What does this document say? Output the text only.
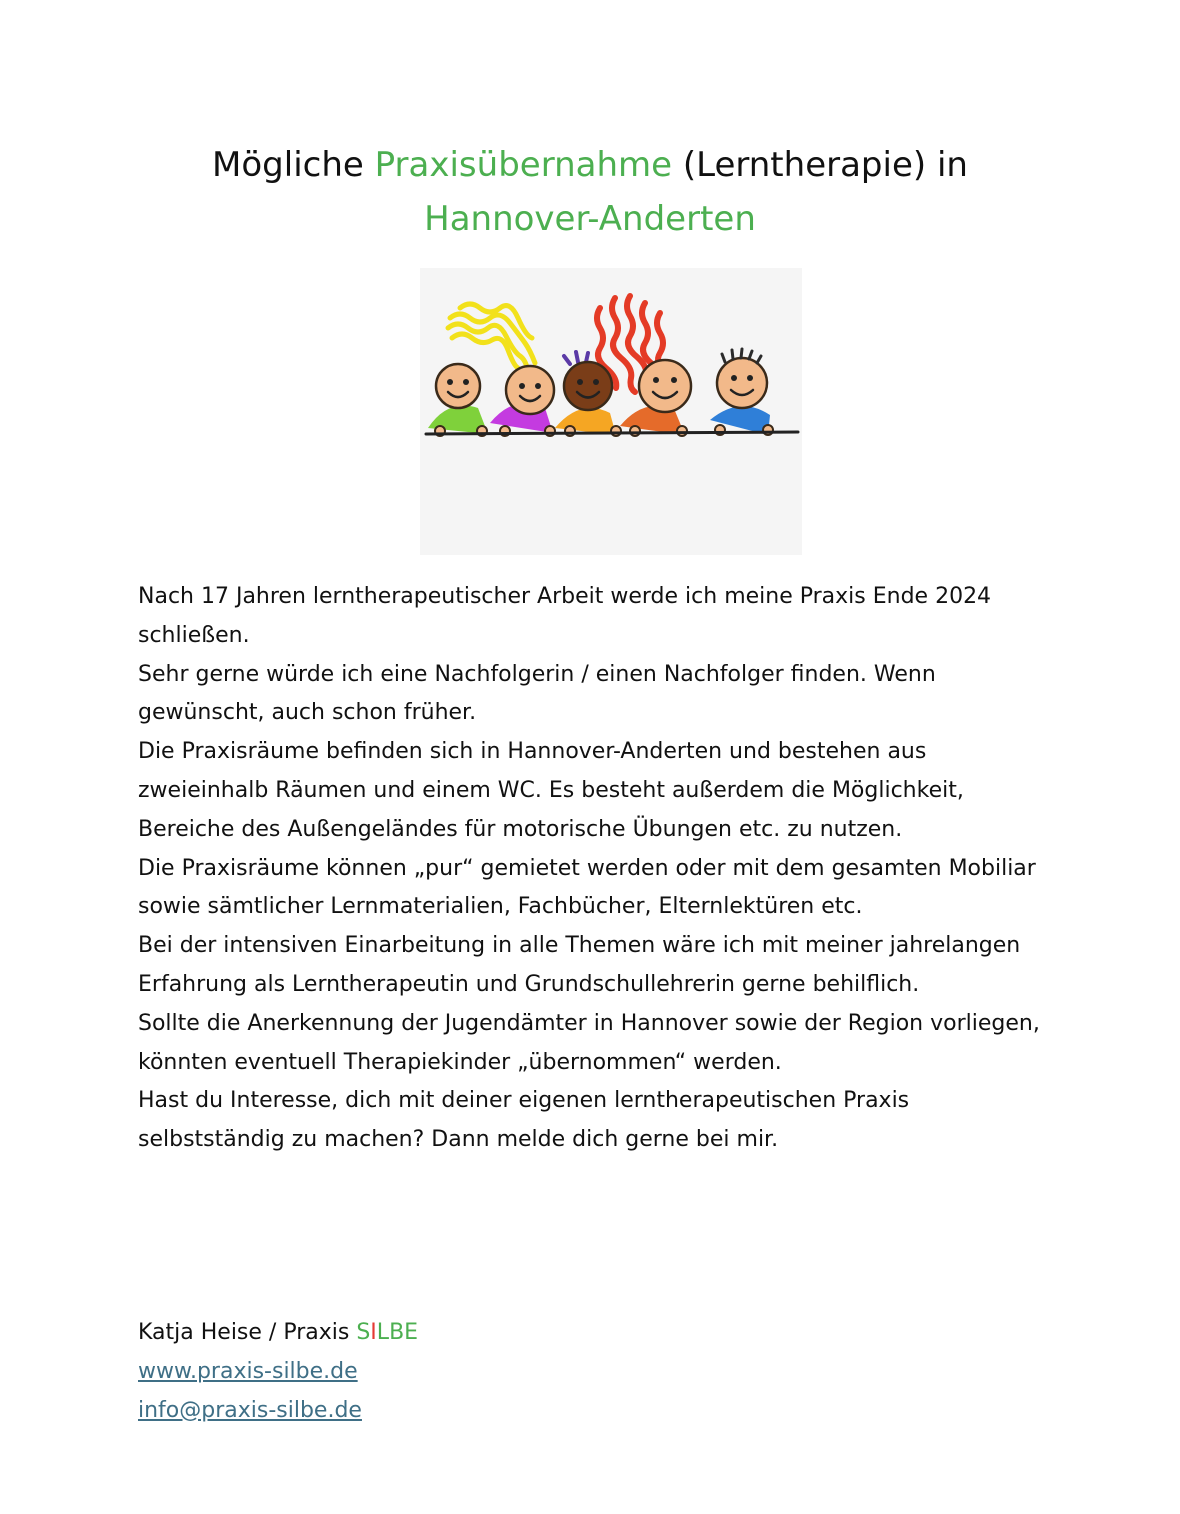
Mögliche Praxisübernahme (Lerntherapie) in
Hannover-Anderten

Nach 17 Jahren lerntherapeutischer Arbeit werde ich meine Praxis Ende 2024 schließen.

Sehr gerne würde ich eine Nachfolgerin / einen Nachfolger finden. Wenn gewünscht, auch schon früher.

Die Praxisräume befinden sich in Hannover-Anderten und bestehen aus zweieinhalb Räumen und einem WC. Es besteht außerdem die Möglichkeit, Bereiche des Außengeländes für motorische Übungen etc. zu nutzen.

Die Praxisräume können „pur“ gemietet werden oder mit dem gesamten Mobiliar sowie sämtlicher Lernmaterialien, Fachbücher, Elternlektüren etc.

Bei der intensiven Einarbeitung in alle Themen wäre ich mit meiner jahrelangen Erfahrung als Lerntherapeutin und Grundschullehrerin gerne behilflich.

Sollte die Anerkennung der Jugendämter in Hannover sowie der Region vorliegen, könnten eventuell Therapiekinder „übernommen“ werden.

Hast du Interesse, dich mit deiner eigenen lerntherapeutischen Praxis selbstständig zu machen? Dann melde dich gerne bei mir.

Katja Heise / Praxis SILBE
www.praxis-silbe.de
info@praxis-silbe.de
